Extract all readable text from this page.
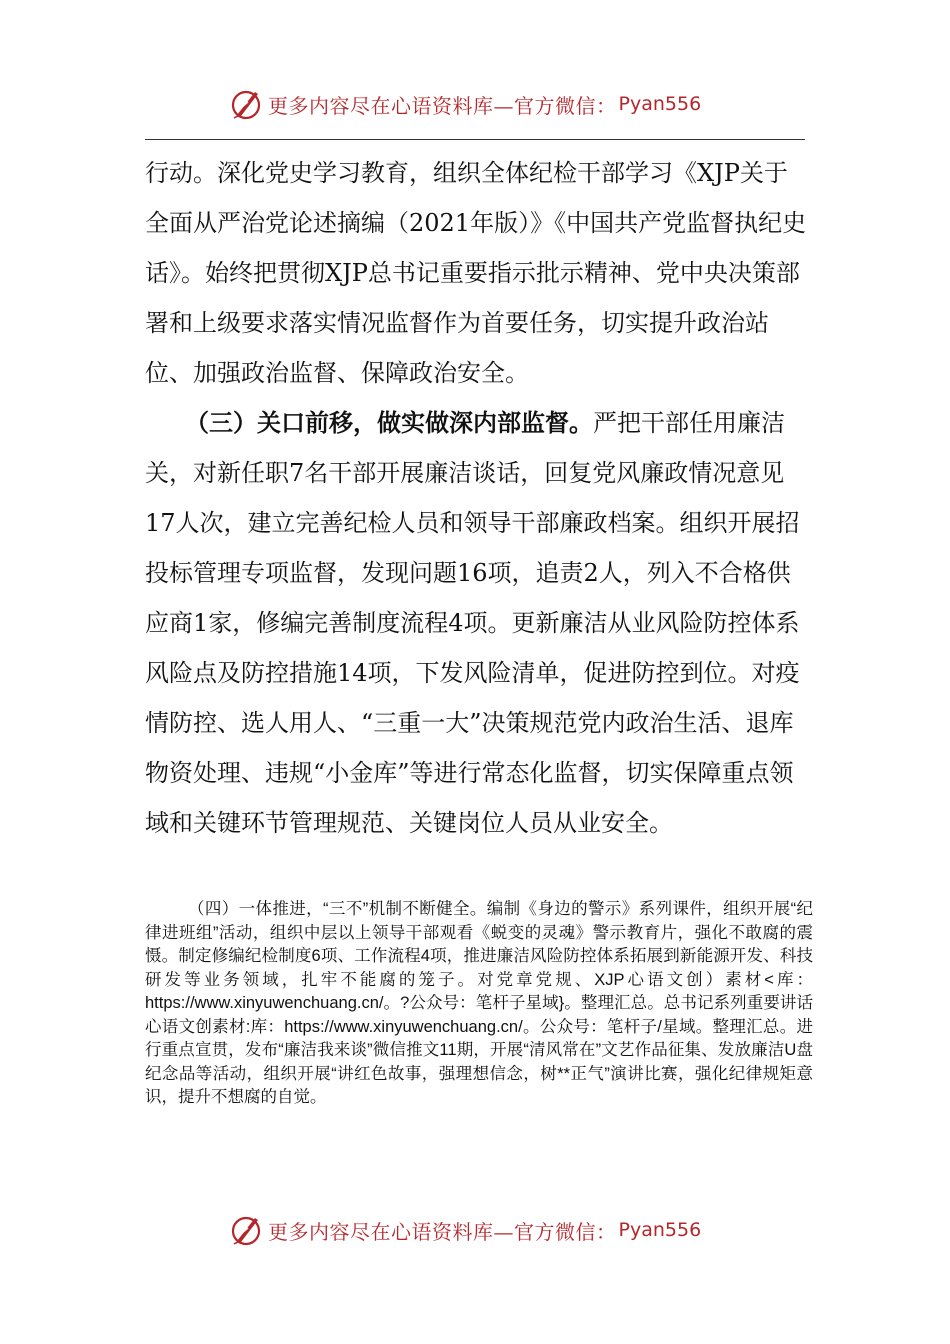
更多内容尽在心语资料库—官方微信： Pyan556

行动。深化党史学习教育，组织全体纪检干部学习《XJP关于全面从严治党论述摘编（2021年版）》《中国共产党监督执纪史话》。始终把贯彻XJP总书记重要指示批示精神、党中央决策部署和上级要求落实情况监督作为首要任务，切实提升政治站位、加强政治监督、保障政治安全。

（三）关口前移，做实做深内部监督。严把干部任用廉洁关，对新任职7名干部开展廉洁谈话，回复党风廉政情况意见17人次，建立完善纪检人员和领导干部廉政档案。组织开展招投标管理专项监督，发现问题16项，追责2人，列入不合格供应商1家，修编完善制度流程4项。更新廉洁从业风险防控体系风险点及防控措施14项，下发风险清单，促进防控到位。对疫情防控、选人用人、“三重一大”决策规范党内政治生活、退库物资处理、违规“小金库”等进行常态化监督，切实保障重点领域和关键环节管理规范、关键岗位人员从业安全。

（四）一体推进，“三不”机制不断健全。编制《身边的警示》系列课件，组织开展“纪律进班组”活动，组织中层以上领导干部观看《蜕变的灵魂》警示教育片，强化不敢腐的震慑。制定修编纪检制度6项、工作流程4项，推进廉洁风险防控体系拓展到新能源开发、科技研发等业务领域，扎牢不能腐的笼子。对党章党规、XJP心语文创）素材<库：https://www.xinyuwenchuang.cn/。?公众号：笔杆子星域}。整理汇总。总书记系列重要讲话心语文创素材:库：https://www.xinyuwenchuang.cn/。公众号：笔杆子/星域。整理汇总。进行重点宣贯，发布“廉洁我来谈”微信推文11期，开展“清风常在”文艺作品征集、发放廉洁U盘纪念品等活动，组织开展“讲红色故事，强理想信念，树**正气”演讲比赛，强化纪律规矩意识，提升不想腐的自觉。

更多内容尽在心语资料库—官方微信： Pyan556
